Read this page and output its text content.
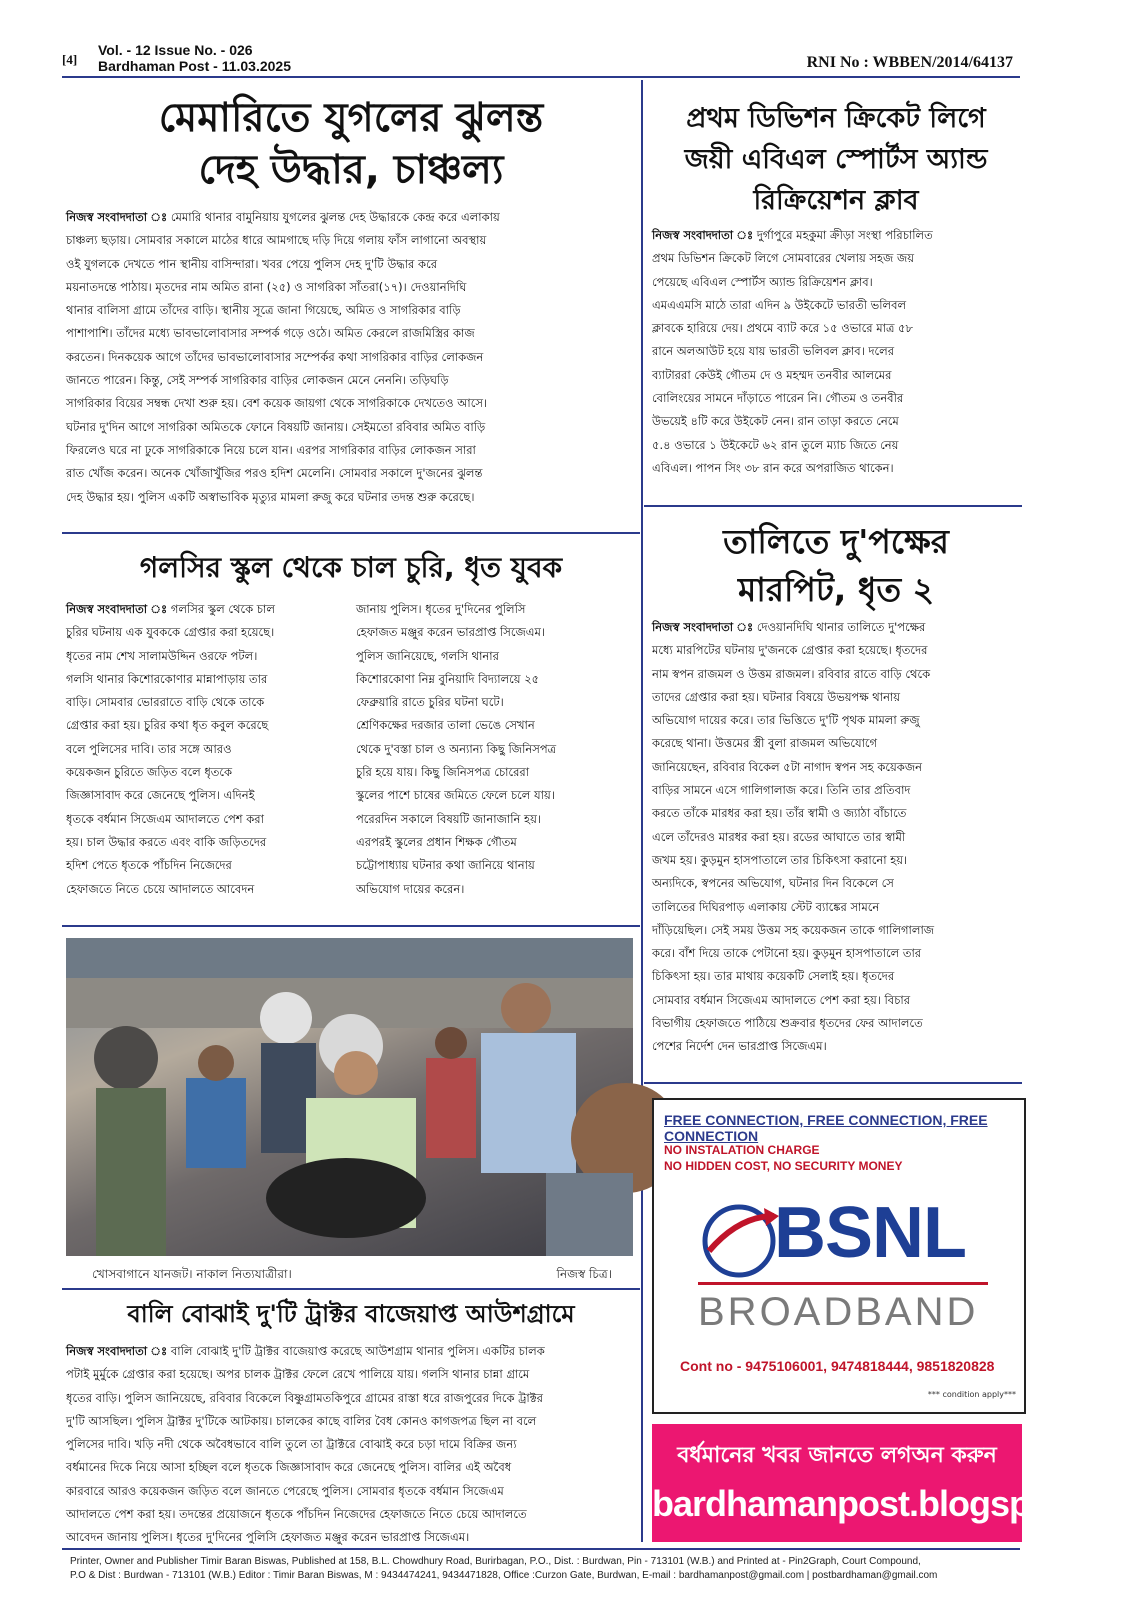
[4]
Vol. - 12 Issue No. - 026
Bardhaman Post - 11.03.2025	RNI No : WBBEN/2014/64137
মেমারিতে যুগলের ঝুলন্ত
দেহ উদ্ধার, চাঞ্চল্য
নিজস্ব সংবাদদাতা ঃ মেমারি থানার বামুনিয়ায় যুগলের ঝুলন্ত দেহ উদ্ধারকে কেন্দ্র করে এলাকায়
চাঞ্চল্য ছড়ায়। সোমবার সকালে মাঠের ধারে আমগাছে দড়ি দিয়ে গলায় ফাঁস লাগানো অবস্থায়
ওই যুগলকে দেখতে পান স্থানীয় বাসিন্দারা। খবর পেয়ে পুলিস দেহ দু'টি উদ্ধার করে
ময়নাতদন্তে পাঠায়। মৃতদের নাম অমিত রানা (২৫) ও সাগরিকা সাঁতরা(১৭)। দেওয়ানদিঘি
থানার বালিসা গ্রামে তাঁদের বাড়ি। স্থানীয় সূত্রে জানা গিয়েছে, অমিত ও সাগরিকার বাড়ি
পাশাপাশি। তাঁদের মধ্যে ভাবভালোবাসার সম্পর্ক গড়ে ওঠে। অমিত কেরলে রাজমিস্ত্রির কাজ
করতেন। দিনকয়েক আগে তাঁদের ভাবভালোবাসার সম্পের্কর কথা সাগরিকার বাড়ির লোকজন
জানতে পারেন। কিন্তু, সেই সম্পর্ক সাগরিকার বাড়ির লোকজন মেনে নেননি। তড়িঘড়ি
সাগরিকার বিয়ের সম্বন্ধ দেখা শুরু হয়। বেশ কয়েক জায়গা থেকে সাগরিকাকে দেখতেও আসে।
ঘটনার দু'দিন আগে সাগরিকা অমিতকে ফোনে বিষয়টি জানায়। সেইমতো রবিবার অমিত বাড়ি
ফিরলেও ঘরে না ঢুকে সাগরিকাকে নিয়ে চলে যান। এরপর সাগরিকার বাড়ির লোকজন সারা
রাত খোঁজ করেন। অনেক খোঁজাখুঁজির পরও হদিশ মেলেনি। সোমবার সকালে দু'জনের ঝুলন্ত
দেহ উদ্ধার হয়। পুলিস একটি অস্বাভাবিক মৃত্যুর মামলা রুজু করে ঘটনার তদন্ত শুরু করেছে।
প্রথম ডিভিশন ক্রিকেট লিগে
জয়ী এবিএল স্পোর্টস অ্যান্ড
রিক্রিয়েশন ক্লাব
নিজস্ব সংবাদদাতা ঃ দুর্গাপুরে মহকুমা ক্রীড়া সংস্থা পরিচালিত
প্রথম ডিভিশন ক্রিকেট লিগে সোমবারের খেলায় সহজ জয়
পেয়েছে এবিএল স্পোর্টস অ্যান্ড রিক্রিয়েশন ক্লাব।
এমএএমসি মাঠে তারা এদিন ৯ উইকেটে ভারতী ভলিবল
ক্লাবকে হারিয়ে দেয়। প্রথমে ব্যাট করে ১৫ ওভারে মাত্র ৫৮
রানে অলআউট হয়ে যায় ভারতী ভলিবল ক্লাব। দলের
ব্যাটাররা কেউই গৌতম দে ও মহম্মদ তনবীর আলমের
বোলিংয়ের সামনে দাঁড়াতে পারেন নি। গৌতম ও তনবীর
উভয়েই ৪টি করে উইকেট নেন। রান তাড়া করতে নেমে
৫.৪ ওভারে ১ উইকেটে ৬২ রান তুলে ম্যাচ জিতে নেয়
এবিএল। পাপন সিং ৩৮ রান করে অপরাজিত থাকেন।
গলসির স্কুল থেকে চাল চুরি, ধৃত যুবক
নিজস্ব সংবাদদাতা ঃ গলসির স্কুল থেকে চাল
চুরির ঘটনায় এক যুবককে গ্রেপ্তার করা হয়েছে।
ধৃতের নাম শেখ সালামউদ্দিন ওরফে পটল।
গলসি থানার কিশোরকোণার মান্নাপাড়ায় তার
বাড়ি। সোমবার ভোররাতে বাড়ি থেকে তাকে
গ্রেপ্তার করা হয়। চুরির কথা ধৃত কবুল করেছে
বলে পুলিসের দাবি। তার সঙ্গে আরও
কয়েকজন চুরিতে জড়িত বলে ধৃতকে
জিজ্ঞাসাবাদ করে জেনেছে পুলিস। এদিনই
ধৃতকে বর্ধমান সিজেএম আদালতে পেশ করা
হয়। চাল উদ্ধার করতে এবং বাকি জড়িতদের
হদিশ পেতে ধৃতকে পাঁচদিন নিজেদের
হেফাজতে নিতে চেয়ে আদালতে আবেদন
জানায় পুলিস। ধৃতের দু'দিনের পুলিসি
হেফাজত মঞ্জুর করেন ভারপ্রাপ্ত সিজেএম।
পুলিস জানিয়েছে, গলসি থানার
কিশোরকোণা নিম্ন বুনিয়াদি বিদ্যালয়ে ২৫
ফেব্রুয়ারি রাতে চুরির ঘটনা ঘটে।
শ্রেণিকক্ষের দরজার তালা ভেঙে সেখান
থেকে দু'বস্তা চাল ও অন্যান্য কিছু জিনিসপত্র
চুরি হয়ে যায়। কিছু জিনিসপত্র চোরেরা
স্কুলের পাশে চাষের জমিতে ফেলে চলে যায়।
পরেরদিন সকালে বিষয়টি জানাজানি হয়।
এরপরই স্কুলের প্রধান শিক্ষক গৌতম
চট্টোপাধ্যায় ঘটনার কথা জানিয়ে থানায়
অভিযোগ দায়ের করেন।
তালিতে দু'পক্ষের
মারপিট, ধৃত ২
নিজস্ব সংবাদদাতা ঃ দেওয়ানদিঘি থানার তালিতে দু'পক্ষের
মধ্যে মারপিটের ঘটনায় দু'জনকে গ্রেপ্তার করা হয়েছে। ধৃতদের
নাম স্বপন রাজমল ও উত্তম রাজমল। রবিবার রাতে বাড়ি থেকে
তাদের গ্রেপ্তার করা হয়। ঘটনার বিষয়ে উভয়পক্ষ থানায়
অভিযোগ দায়ের করে। তার ভিত্তিতে দু'টি পৃথক মামলা রুজু
করেছে থানা। উত্তমের স্ত্রী বুলা রাজমল অভিযোগে
জানিয়েছেন, রবিবার বিকেল ৫টা নাগাদ স্বপন সহ কয়েকজন
বাড়ির সামনে এসে গালিগালাজ করে। তিনি তার প্রতিবাদ
করতে তাঁকে মারধর করা হয়। তাঁর স্বামী ও জ্যাঠা বাঁচাতে
এলে তাঁদেরও মারধর করা হয়। রডের আঘাতে তার স্বামী
জখম হয়। কুড়মুন হাসপাতালে তার চিকিৎসা করানো হয়।
অন্যদিকে, স্বপনের অভিযোগ, ঘটনার দিন বিকেলে সে
তালিতের দিঘিরপাড় এলাকায় স্টেট ব্যাঙ্কের সামনে
দাঁড়িয়েছিল। সেই সময় উত্তম সহ কয়েকজন তাকে গালিগালাজ
করে। বাঁশ দিয়ে তাকে পেটানো হয়। কুড়মুন হাসপাতালে তার
চিকিৎসা হয়। তার মাথায় কয়েকটি সেলাই হয়। ধৃতদের
সোমবার বর্ধমান সিজেএম আদালতে পেশ করা হয়। বিচার
বিভাগীয় হেফাজতে পাঠিয়ে শুক্রবার ধৃতদের ফের আদালতে
পেশের নির্দেশ দেন ভারপ্রাপ্ত সিজেএম।
খোসবাগানে যানজট। নাকাল নিত্যযাত্রীরা।	নিজস্ব চিত্র।
বালি বোঝাই দু'টি ট্রাক্টর বাজেয়াপ্ত আউশগ্রামে
নিজস্ব সংবাদদাতা ঃ বালি বোঝাই দু'টি ট্রাক্টর বাজেয়াপ্ত করেছে আউশগ্রাম থানার পুলিস। একটির চালক
পটাই মুর্মুকে গ্রেপ্তার করা হয়েছে। অপর চালক ট্রাক্টর ফেলে রেখে পালিয়ে যায়। গলসি থানার চান্না গ্রামে
ধৃতের বাড়ি। পুলিস জানিয়েছে, রবিবার বিকেলে বিষ্ণুগ্রামতকিপুরে গ্রামের রাস্তা ধরে রাজপুরের দিকে ট্রাক্টর
দু'টি আসছিল। পুলিস ট্রাক্টর দু'টিকে আটকায়। চালকের কাছে বালির বৈধ কোনও কাগজপত্র ছিল না বলে
পুলিসের দাবি। খড়ি নদী থেকে অবৈধভাবে বালি তুলে তা ট্রাক্টরে বোঝাই করে চড়া দামে বিক্রির জন্য
বর্ধমানের দিকে নিয়ে আসা হচ্ছিল বলে ধৃতকে জিজ্ঞাসাবাদ করে জেনেছে পুলিস। বালির এই অবৈধ
কারবারে আরও কয়েকজন জড়িত বলে জানতে পেরেছে পুলিস। সোমবার ধৃতকে বর্ধমান সিজেএম
আদালতে পেশ করা হয়। তদন্তের প্রয়োজনে ধৃতকে পাঁচদিন নিজেদের হেফাজতে নিতে চেয়ে আদালতে
আবেদন জানায় পুলিস। ধৃতের দু'দিনের পুলিসি হেফাজত মঞ্জুর করেন ভারপ্রাপ্ত সিজেএম।
FREE CONNECTION, FREE CONNECTION, FREE CONNECTION
NO INSTALATION CHARGE
NO HIDDEN COST, NO SECURITY MONEY
BSNL
BROADBAND
Cont no - 9475106001, 9474818444, 9851820828
*** condition apply***
বর্ধমানের খবর জানতে লগঅন করুন
bardhamanpost.blogspot.com
Printer, Owner and Publisher Timir Baran Biswas, Published at 158, B.L. Chowdhury Road, Burirbagan, P.O., Dist. : Burdwan, Pin - 713101 (W.B.) and Printed at - Pin2Graph, Court Compound,
P.O & Dist : Burdwan - 713101 (W.B.) Editor : Timir Baran Biswas, M : 9434474241, 9434471828, Office :Curzon Gate, Burdwan, E-mail : bardhamanpost@gmail.com | postbardhaman@gmail.com
